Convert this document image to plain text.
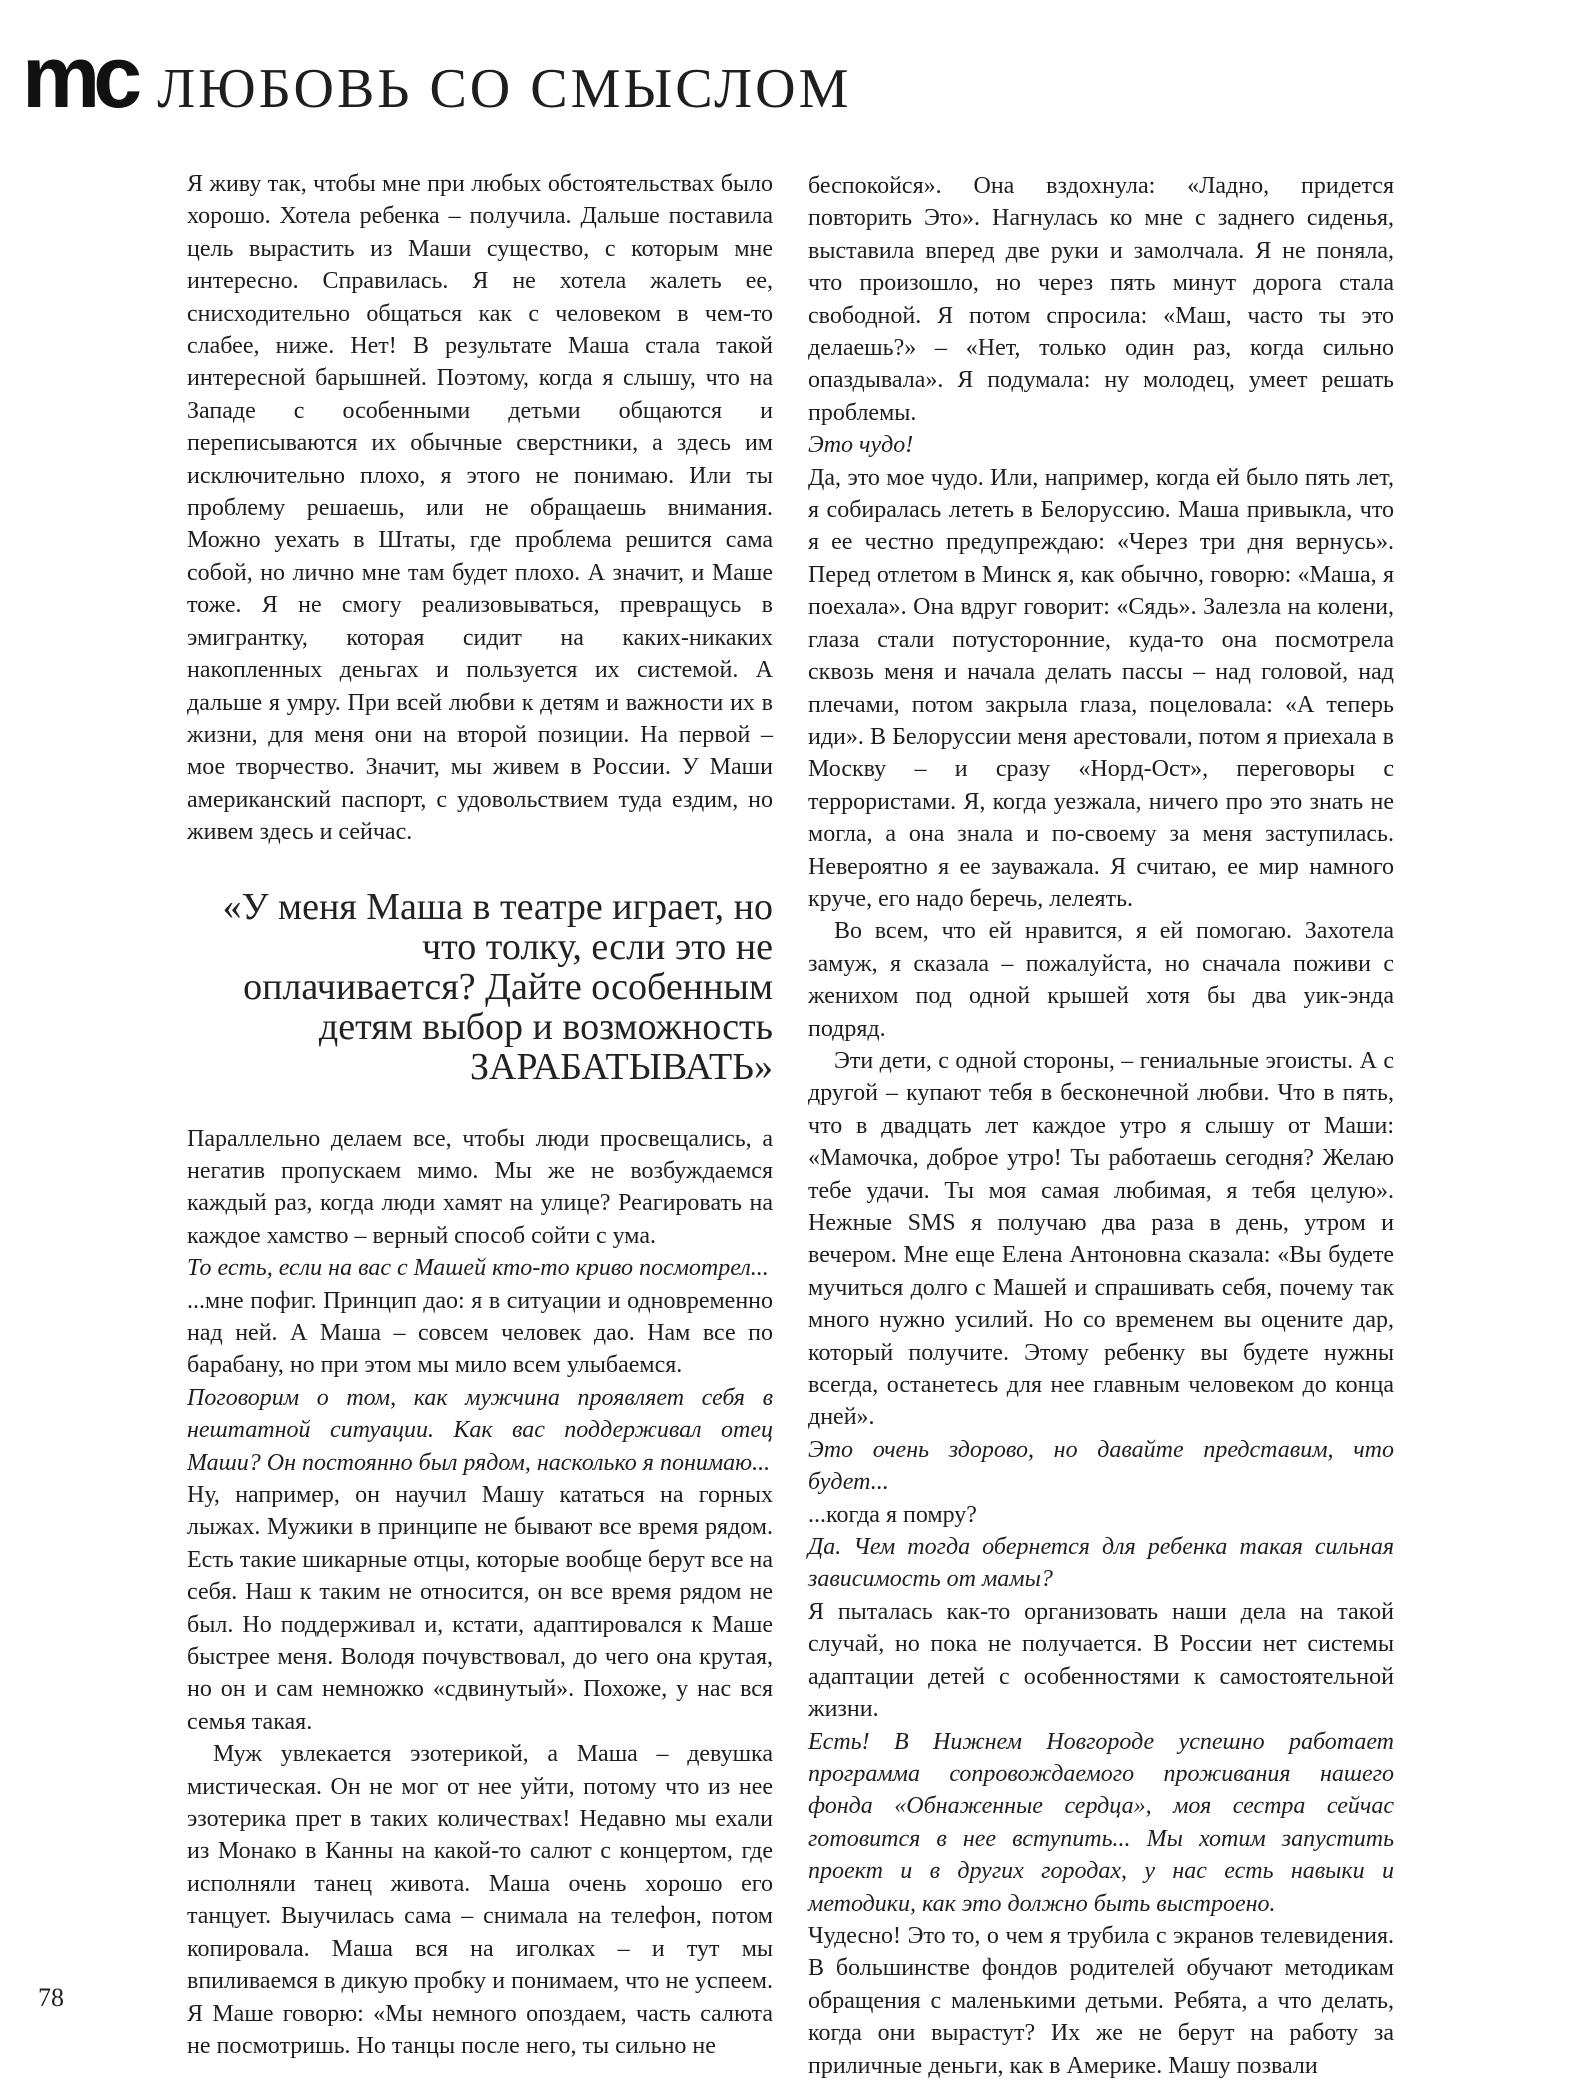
mc ЛЮБОВЬ СО СМЫСЛОМ

Я живу так, чтобы мне при любых обстоятельствах было хорошо. Хотела ребенка – получила. Дальше поставила цель вырастить из Маши существо, с которым мне интересно. Справилась. Я не хотела жалеть ее, снисходительно общаться как с человеком в чем-то слабее, ниже. Нет! В результате Маша стала такой интересной барышней. Поэтому, когда я слышу, что на Западе с особенными детьми общаются и переписываются их обычные сверстники, а здесь им исключительно плохо, я этого не понимаю. Или ты проблему решаешь, или не обращаешь внимания. Можно уехать в Штаты, где проблема решится сама собой, но лично мне там будет плохо. А значит, и Маше тоже. Я не смогу реализовываться, превращусь в эмигрантку, которая сидит на каких-никаких накопленных деньгах и пользуется их системой. А дальше я умру. При всей любви к детям и важности их в жизни, для меня они на второй позиции. На первой – мое творчество. Значит, мы живем в России. У Маши американский паспорт, с удовольствием туда ездим, но живем здесь и сейчас.

«У меня Маша в театре играет, но что толку, если это не оплачивается? Дайте особенным детям выбор и возможность ЗАРАБАТЫВАТЬ»

Параллельно делаем все, чтобы люди просвещались, а негатив пропускаем мимо. Мы же не возбуждаемся каждый раз, когда люди хамят на улице? Реагировать на каждое хамство – верный способ сойти с ума.

То есть, если на вас с Машей кто-то криво посмотрел...

...мне пофиг. Принцип дао: я в ситуации и одновременно над ней. А Маша – совсем человек дао. Нам все по барабану, но при этом мы мило всем улыбаемся.

Поговорим о том, как мужчина проявляет себя в нештатной ситуации. Как вас поддерживал отец Маши? Он постоянно был рядом, насколько я понимаю...

Ну, например, он научил Машу кататься на горных лыжах. Мужики в принципе не бывают все время рядом. Есть такие шикарные отцы, которые вообще берут все на себя. Наш к таким не относится, он все время рядом не был. Но поддерживал и, кстати, адаптировался к Маше быстрее меня. Володя почувствовал, до чего она крутая, но он и сам немножко «сдвинутый». Похоже, у нас вся семья такая.

Муж увлекается эзотерикой, а Маша – девушка мистическая. Он не мог от нее уйти, потому что из нее эзотерика прет в таких количествах! Недавно мы ехали из Монако в Канны на какой-то салют с концертом, где исполняли танец живота. Маша очень хорошо его танцует. Выучилась сама – снимала на телефон, потом копировала. Маша вся на иголках – и тут мы впиливаемся в дикую пробку и понимаем, что не успеем. Я Маше говорю: «Мы немного опоздаем, часть салюта не посмотришь. Но танцы после него, ты сильно не

беспокойся». Она вздохнула: «Ладно, придется повторить Это». Нагнулась ко мне с заднего сиденья, выставила вперед две руки и замолчала. Я не поняла, что произошло, но через пять минут дорога стала свободной. Я потом спросила: «Маш, часто ты это делаешь?» – «Нет, только один раз, когда сильно опаздывала». Я подумала: ну молодец, умеет решать проблемы.

Это чудо!

Да, это мое чудо. Или, например, когда ей было пять лет, я собиралась лететь в Белоруссию. Маша привыкла, что я ее честно предупреждаю: «Через три дня вернусь». Перед отлетом в Минск я, как обычно, говорю: «Маша, я поехала». Она вдруг говорит: «Сядь». Залезла на колени, глаза стали потусторонние, куда-то она посмотрела сквозь меня и начала делать пассы – над головой, над плечами, потом закрыла глаза, поцеловала: «А теперь иди». В Белоруссии меня арестовали, потом я приехала в Москву – и сразу «Норд-Ост», переговоры с террористами. Я, когда уезжала, ничего про это знать не могла, а она знала и по-своему за меня заступилась. Невероятно я ее зауважала. Я считаю, ее мир намного круче, его надо беречь, лелеять.

Во всем, что ей нравится, я ей помогаю. Захотела замуж, я сказала – пожалуйста, но сначала поживи с женихом под одной крышей хотя бы два уик-энда подряд.

Эти дети, с одной стороны, – гениальные эгоисты. А с другой – купают тебя в бесконечной любви. Что в пять, что в двадцать лет каждое утро я слышу от Маши: «Мамочка, доброе утро! Ты работаешь сегодня? Желаю тебе удачи. Ты моя самая любимая, я тебя целую». Нежные SMS я получаю два раза в день, утром и вечером. Мне еще Елена Антоновна сказала: «Вы будете мучиться долго с Машей и спрашивать себя, почему так много нужно усилий. Но со временем вы оцените дар, который получите. Этому ребенку вы будете нужны всегда, останетесь для нее главным человеком до конца дней».

Это очень здорово, но давайте представим, что будет...

...когда я помру?

Да. Чем тогда обернется для ребенка такая сильная зависимость от мамы?

Я пыталась как-то организовать наши дела на такой случай, но пока не получается. В России нет системы адаптации детей с особенностями к самостоятельной жизни.

Есть! В Нижнем Новгороде успешно работает программа сопровождаемого проживания нашего фонда «Обнаженные сердца», моя сестра сейчас готовится в нее вступить... Мы хотим запустить проект и в других городах, у нас есть навыки и методики, как это должно быть выстроено.

Чудесно! Это то, о чем я трубила с экранов телевидения. В большинстве фондов родителей обучают методикам обращения с маленькими детьми. Ребята, а что делать, когда они вырастут? Их же не берут на работу за приличные деньги, как в Америке. Машу позвали

78
